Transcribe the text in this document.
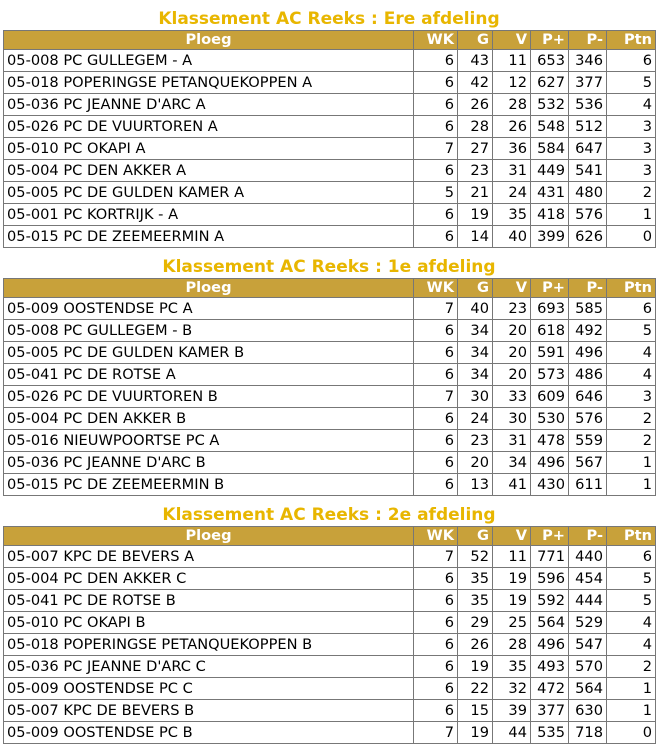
Klassement AC Reeks : Ere afdeling
Ploeg	WK	G	V	P+	P-	Ptn
05-008 PC GULLEGEM - A	6	43	11	653	346	6
05-018 POPERINGSE PETANQUEKOPPEN A	6	42	12	627	377	5
05-036 PC JEANNE D'ARC A	6	26	28	532	536	4
05-026 PC DE VUURTOREN A	6	28	26	548	512	3
05-010 PC OKAPI A	7	27	36	584	647	3
05-004 PC DEN AKKER A	6	23	31	449	541	3
05-005 PC DE GULDEN KAMER A	5	21	24	431	480	2
05-001 PC KORTRIJK - A	6	19	35	418	576	1
05-015 PC DE ZEEMEERMIN A	6	14	40	399	626	0
Klassement AC Reeks : 1e afdeling
Ploeg	WK	G	V	P+	P-	Ptn
05-009 OOSTENDSE PC A	7	40	23	693	585	6
05-008 PC GULLEGEM - B	6	34	20	618	492	5
05-005 PC DE GULDEN KAMER B	6	34	20	591	496	4
05-041 PC DE ROTSE A	6	34	20	573	486	4
05-026 PC DE VUURTOREN B	7	30	33	609	646	3
05-004 PC DEN AKKER B	6	24	30	530	576	2
05-016 NIEUWPOORTSE PC A	6	23	31	478	559	2
05-036 PC JEANNE D'ARC B	6	20	34	496	567	1
05-015 PC DE ZEEMEERMIN B	6	13	41	430	611	1
Klassement AC Reeks : 2e afdeling
Ploeg	WK	G	V	P+	P-	Ptn
05-007 KPC DE BEVERS A	7	52	11	771	440	6
05-004 PC DEN AKKER C	6	35	19	596	454	5
05-041 PC DE ROTSE B	6	35	19	592	444	5
05-010 PC OKAPI B	6	29	25	564	529	4
05-018 POPERINGSE PETANQUEKOPPEN B	6	26	28	496	547	4
05-036 PC JEANNE D'ARC C	6	19	35	493	570	2
05-009 OOSTENDSE PC C	6	22	32	472	564	1
05-007 KPC DE BEVERS B	6	15	39	377	630	1
05-009 OOSTENDSE PC B	7	19	44	535	718	0
